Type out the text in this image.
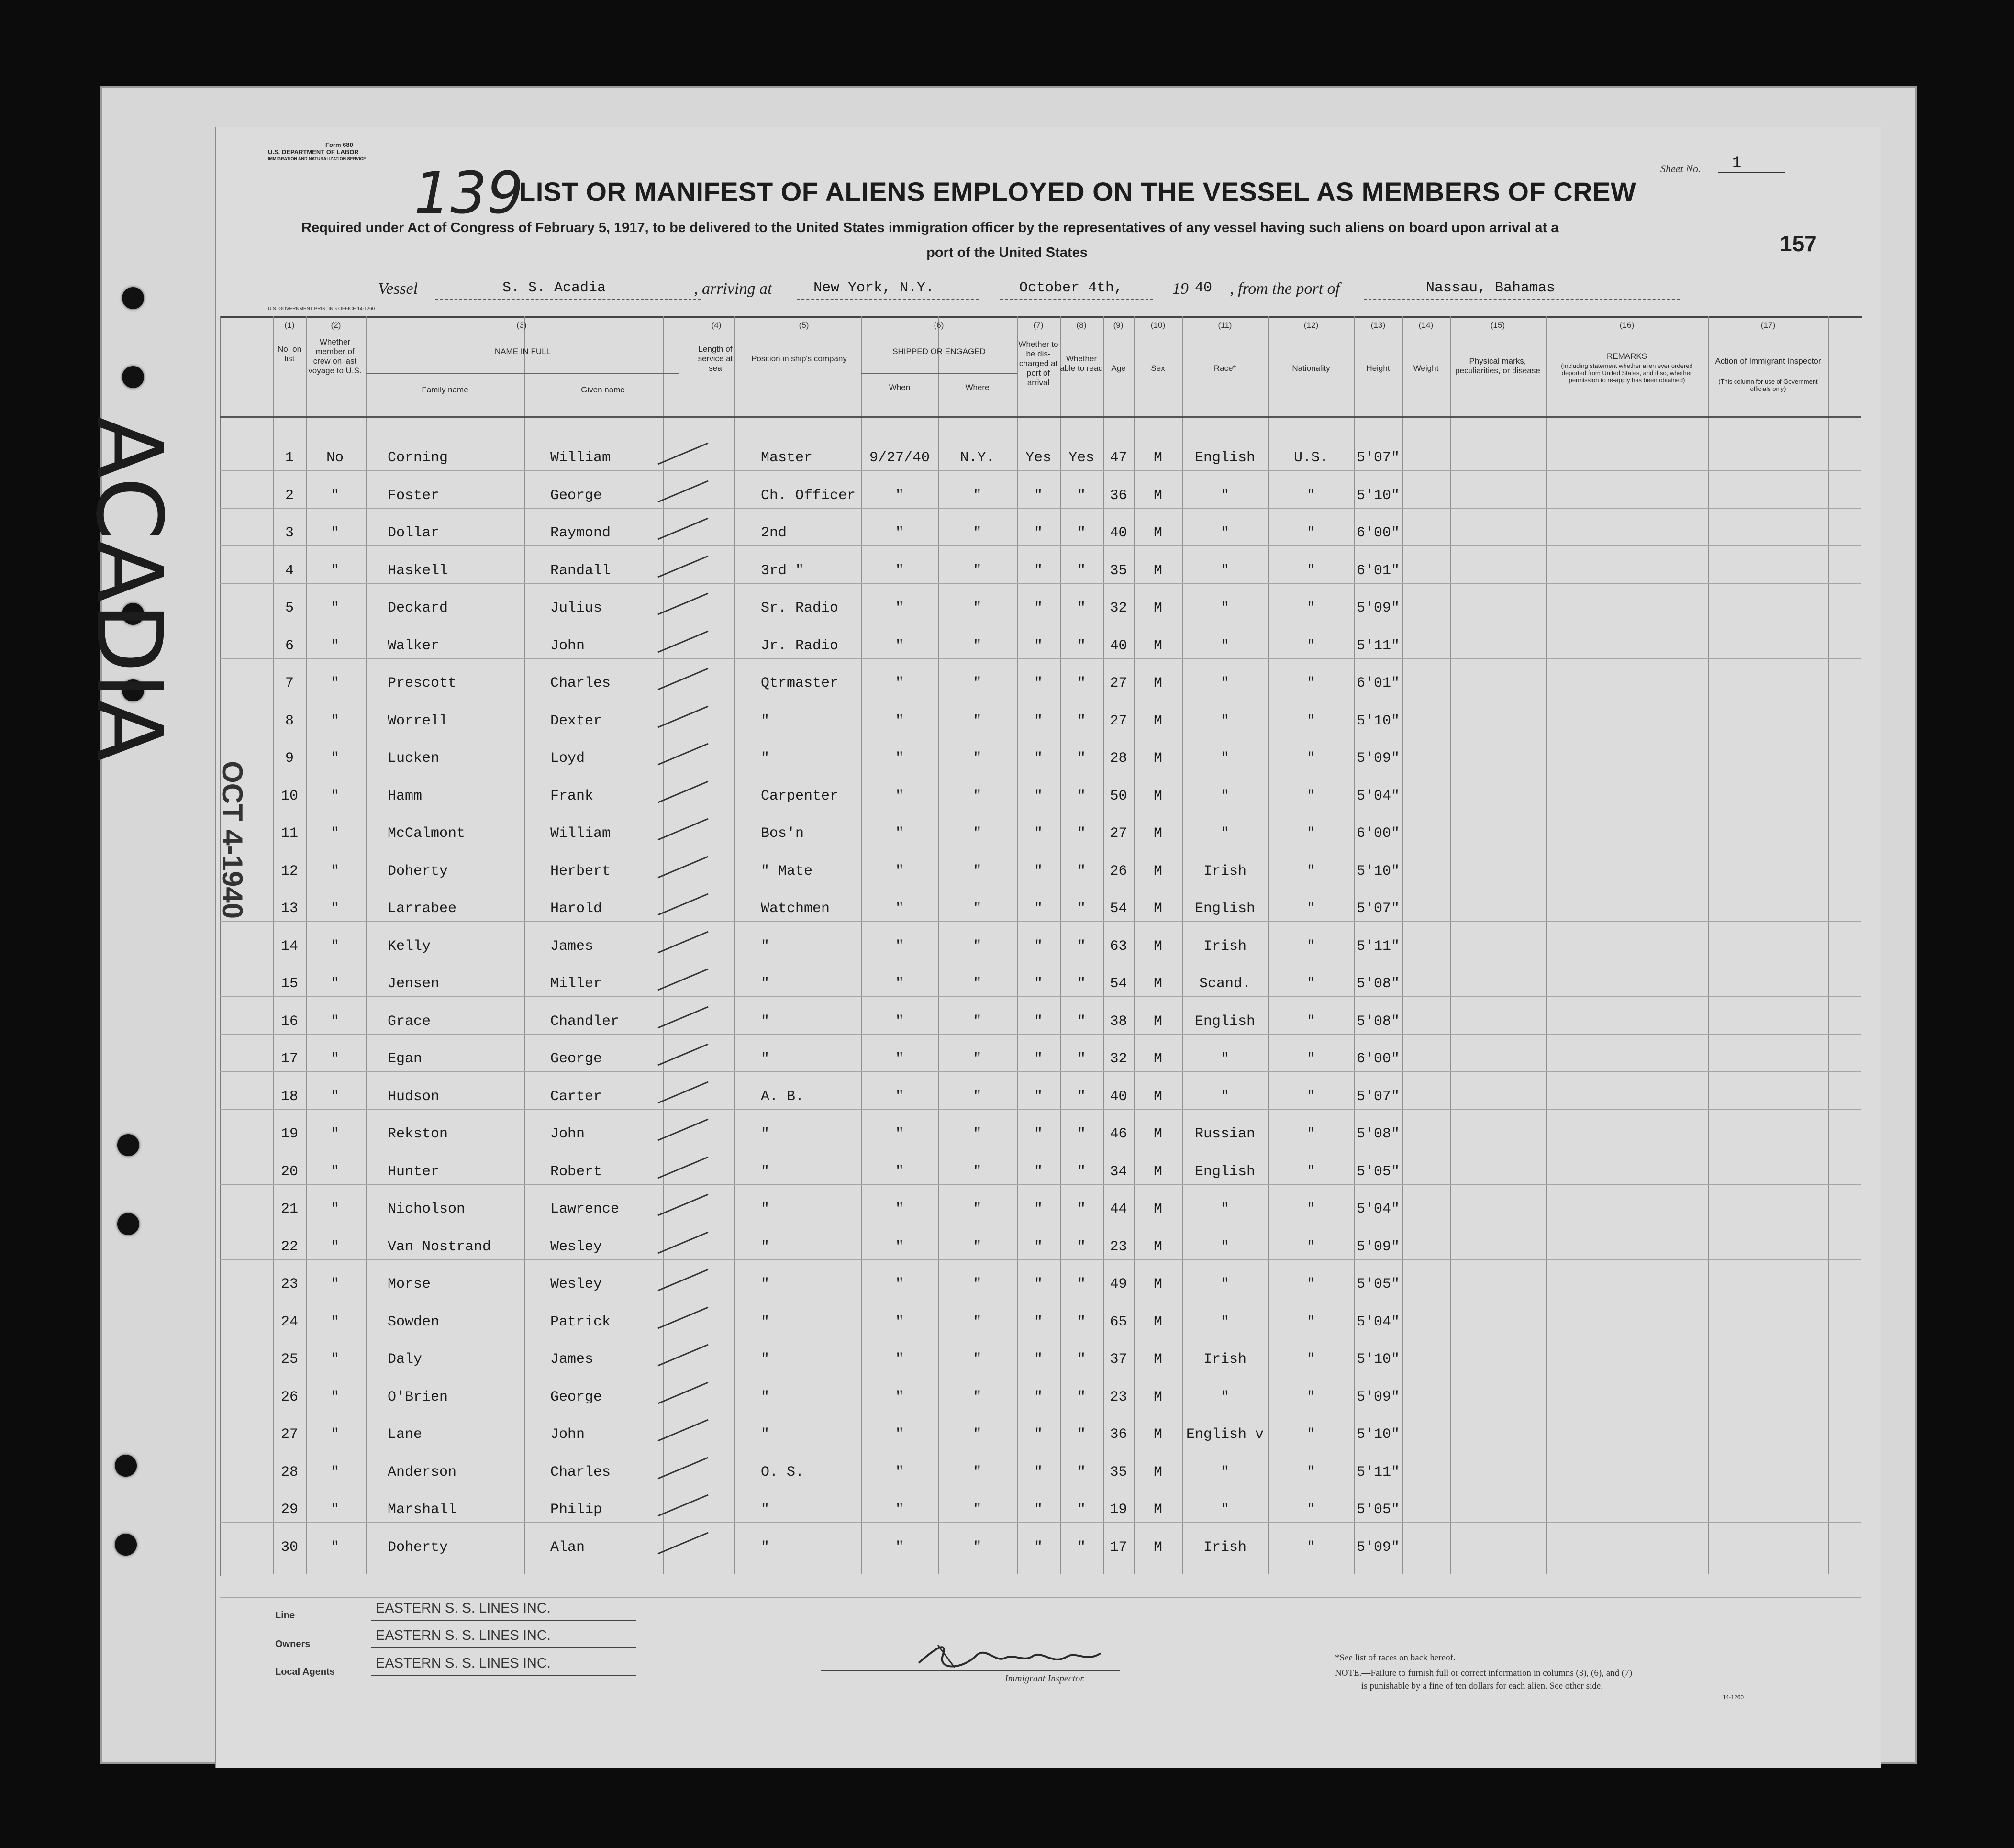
Form 680
U.S. DEPARTMENT OF LABOR
IMMIGRATION AND NATURALIZATION SERVICE
139
LIST OR MANIFEST OF ALIENS EMPLOYED ON THE VESSEL AS MEMBERS OF CREW
Required under Act of Congress of February 5, 1917, to be delivered to the United States immigration officer by the representatives of any vessel having such aliens on board upon arrival at a
port of the United States
Sheet No. 1
157
Vessel	S. S. Acadia	, arriving at	New York, N.Y.	October 4th,	19 40 , from the port of	Nassau, Bahamas
U.S. GOVERNMENT PRINTING OFFICE 14-1260
(1)	(2)	(3)	(4)	(5)	(6)	(7)	(8)	(9)	(10)	(11)	(12)	(13)	(14)	(15)	(16)	(17)
No. on list
Whether member of crew on last voyage to U.S.
NAME IN FULL
Family name	Given name
Length of service at sea
Position in ship's company
SHIPPED OR ENGAGED
When	Where
Whether to be dis-charged at port of arrival
Whether able to read	Age	Sex	Race*	Nationality	Height	Weight
Physical marks, peculiarities, or disease
REMARKS
(Including statement whether alien ever ordered deported from United States, and if so, whether permission to re-apply has been obtained)
Action of Immigrant Inspector
(This column for use of Government officials only)
1	No	Corning	William	Master	9/27/40	N.Y.	Yes	Yes	47	M	English	U.S.	5'07"
2	"	Foster	George	Ch. Officer	"	"	"	"	36	M	"	"	5'10"
3	"	Dollar	Raymond	2nd	"	"	"	"	40	M	"	"	6'00"
4	"	Haskell	Randall	3rd "	"	"	"	"	35	M	"	"	6'01"
5	"	Deckard	Julius	Sr. Radio	"	"	"	"	32	M	"	"	5'09"
6	"	Walker	John	Jr. Radio	"	"	"	"	40	M	"	"	5'11"
7	"	Prescott	Charles	Qtrmaster	"	"	"	"	27	M	"	"	6'01"
8	"	Worrell	Dexter	"	"	"	"	"	27	M	"	"	5'10"
9	"	Lucken	Loyd	"	"	"	"	"	28	M	"	"	5'09"
10	"	Hamm	Frank	Carpenter	"	"	"	"	50	M	"	"	5'04"
11	"	McCalmont	William	Bos'n	"	"	"	"	27	M	"	"	6'00"
12	"	Doherty	Herbert	" Mate	"	"	"	"	26	M	Irish	"	5'10"
13	"	Larrabee	Harold	Watchmen	"	"	"	"	54	M	English	"	5'07"
14	"	Kelly	James	"	"	"	"	"	63	M	Irish	"	5'11"
15	"	Jensen	Miller	"	"	"	"	"	54	M	Scand.	"	5'08"
16	"	Grace	Chandler	"	"	"	"	"	38	M	English	"	5'08"
17	"	Egan	George	"	"	"	"	"	32	M	"	"	6'00"
18	"	Hudson	Carter	A. B.	"	"	"	"	40	M	"	"	5'07"
19	"	Rekston	John	"	"	"	"	"	46	M	Russian	"	5'08"
20	"	Hunter	Robert	"	"	"	"	"	34	M	English	"	5'05"
21	"	Nicholson	Lawrence	"	"	"	"	"	44	M	"	"	5'04"
22	"	Van Nostrand	Wesley	"	"	"	"	"	23	M	"	"	5'09"
23	"	Morse	Wesley	"	"	"	"	"	49	M	"	"	5'05"
24	"	Sowden	Patrick	"	"	"	"	"	65	M	"	"	5'04"
25	"	Daly	James	"	"	"	"	"	37	M	Irish	"	5'10"
26	"	O'Brien	George	"	"	"	"	"	23	M	"	"	5'09"
27	"	Lane	John	"	"	"	"	"	36	M	English v	"	5'10"
28	"	Anderson	Charles	O. S.	"	"	"	"	35	M	"	"	5'11"
29	"	Marshall	Philip	"	"	"	"	"	19	M	"	"	5'05"
30	"	Doherty	Alan	"	"	"	"	"	17	M	Irish	"	5'09"
ACADIA
OCT 4-1940
Line	EASTERN S. S. LINES INC.
Owners
EASTERN S. S. LINES INC.
Local Agents
EASTERN S. S. LINES INC.
Immigrant Inspector.
*See list of races on back hereof.
NOTE.—Failure to furnish full or correct information in columns (3), (6), and (7)
is punishable by a fine of ten dollars for each alien. See other side.
14-1260
